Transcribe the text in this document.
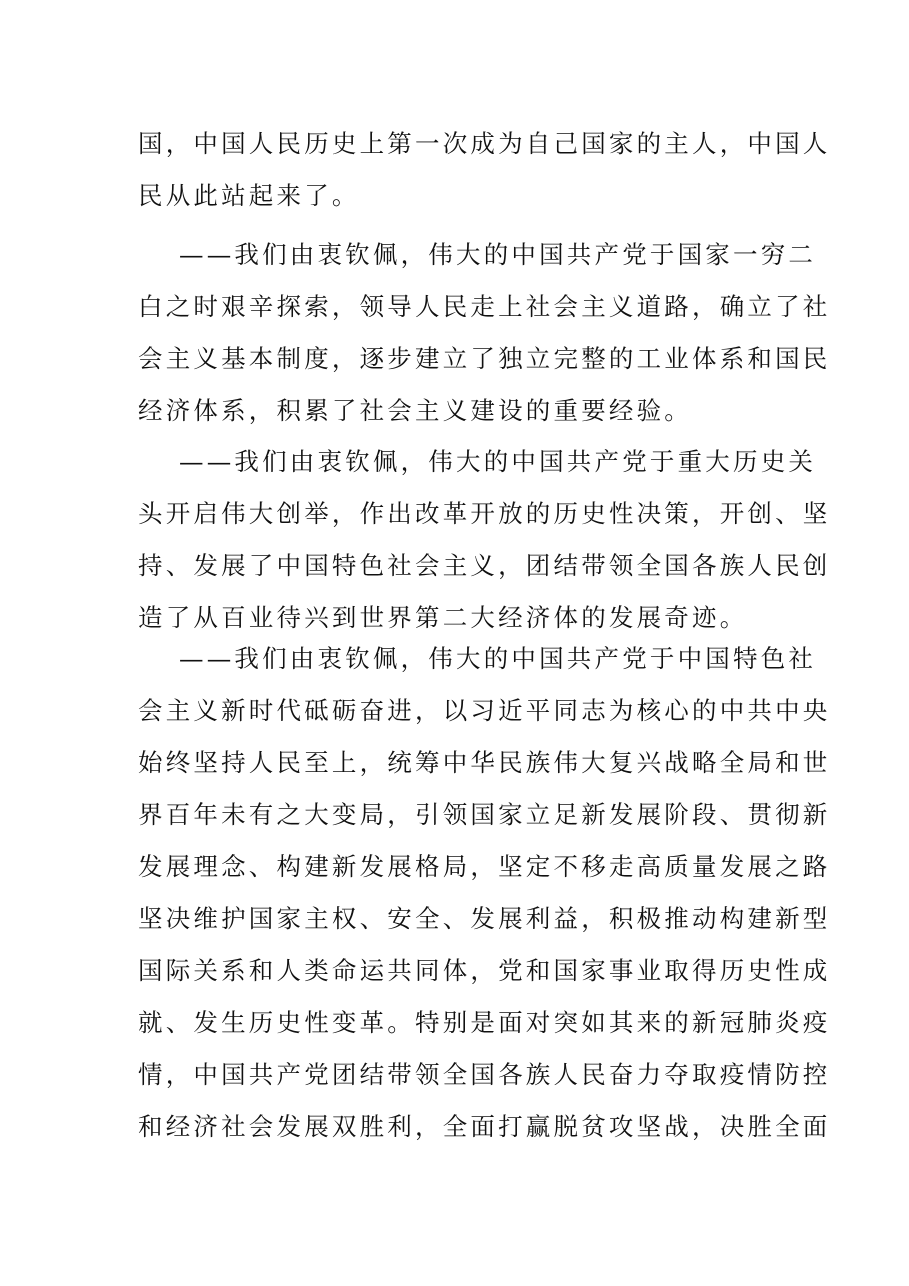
国，中国人民历史上第一次成为自己国家的主人，中国人
民从此站起来了。
——我们由衷钦佩，伟大的中国共产党于国家一穷二
白之时艰辛探索，领导人民走上社会主义道路，确立了社
会主义基本制度，逐步建立了独立完整的工业体系和国民
经济体系，积累了社会主义建设的重要经验。
——我们由衷钦佩，伟大的中国共产党于重大历史关
头开启伟大创举，作出改革开放的历史性决策，开创、坚
持、发展了中国特色社会主义，团结带领全国各族人民创
造了从百业待兴到世界第二大经济体的发展奇迹。
——我们由衷钦佩，伟大的中国共产党于中国特色社
会主义新时代砥砺奋进，以习近平同志为核心的中共中央
始终坚持人民至上，统筹中华民族伟大复兴战略全局和世
界百年未有之大变局，引领国家立足新发展阶段、贯彻新
发展理念、构建新发展格局，坚定不移走高质量发展之路
坚决维护国家主权、安全、发展利益，积极推动构建新型
国际关系和人类命运共同体，党和国家事业取得历史性成
就、发生历史性变革。特别是面对突如其来的新冠肺炎疫
情，中国共产党团结带领全国各族人民奋力夺取疫情防控
和经济社会发展双胜利，全面打赢脱贫攻坚战，决胜全面
